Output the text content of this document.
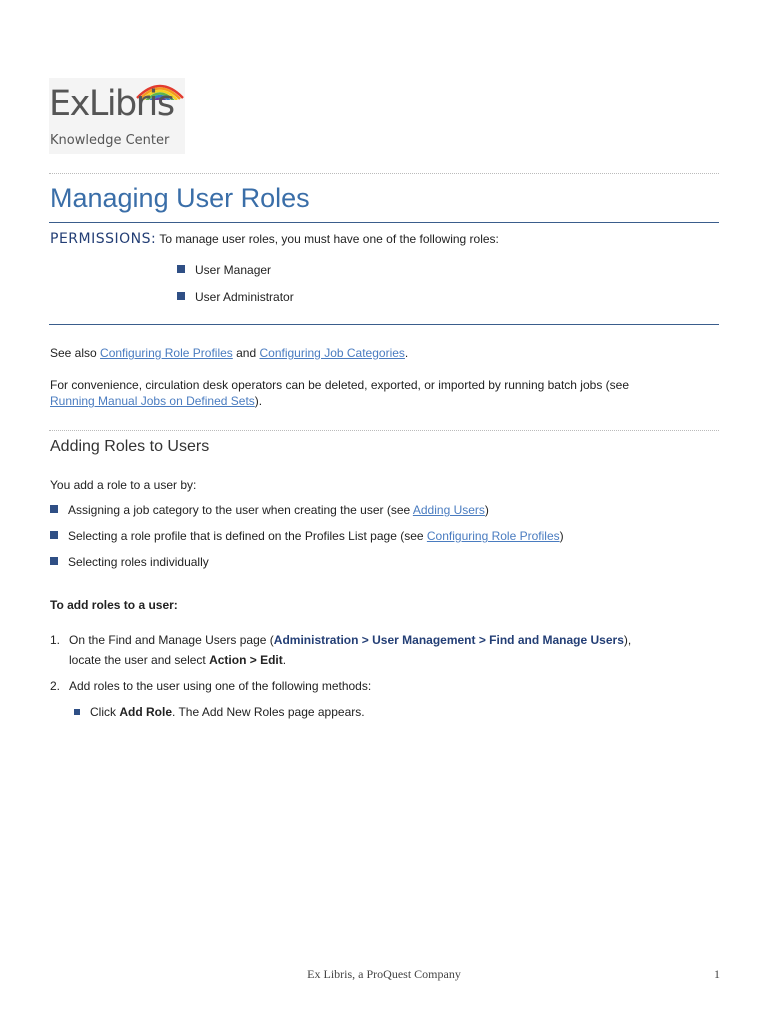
ExLibris
Knowledge Center
Managing User Roles
PERMISSIONS: To manage user roles, you must have one of the following roles:
User Manager
User Administrator
See also Configuring Role Profiles and Configuring Job Categories.
For convenience, circulation desk operators can be deleted, exported, or imported by running batch jobs (see
Running Manual Jobs on Defined Sets).
Adding Roles to Users
You add a role to a user by:
Assigning a job category to the user when creating the user (see Adding Users)
Selecting a role profile that is defined on the Profiles List page (see Configuring Role Profiles)
Selecting roles individually
To add roles to a user:
1. On the Find and Manage Users page (Administration > User Management > Find and Manage Users),
locate the user and select Action > Edit.
2. Add roles to the user using one of the following methods:
Click Add Role. The Add New Roles page appears.
Ex Libris, a ProQuest Company	1
